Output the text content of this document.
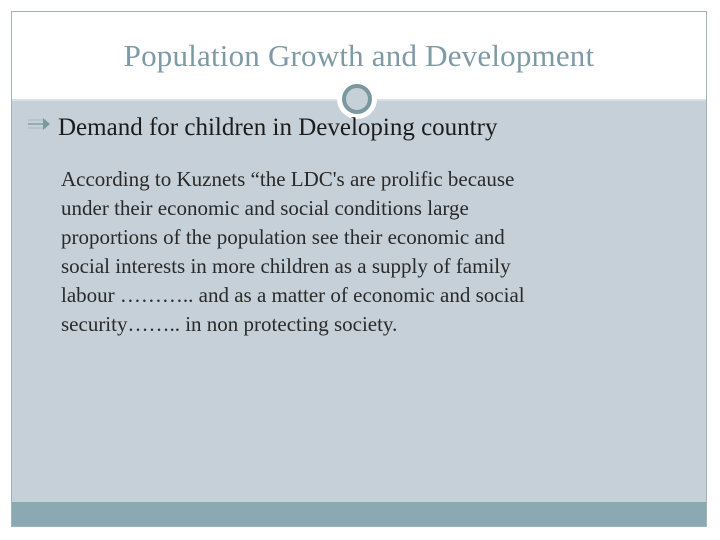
Population Growth and Development
Demand for children in Developing country

According to Kuznets “the LDC's are prolific because
under their economic and social conditions large
proportions of the population see their economic and
social interests in more children as a supply of family
labour ……….. and as a matter of economic and social
security…….. in non protecting society.
